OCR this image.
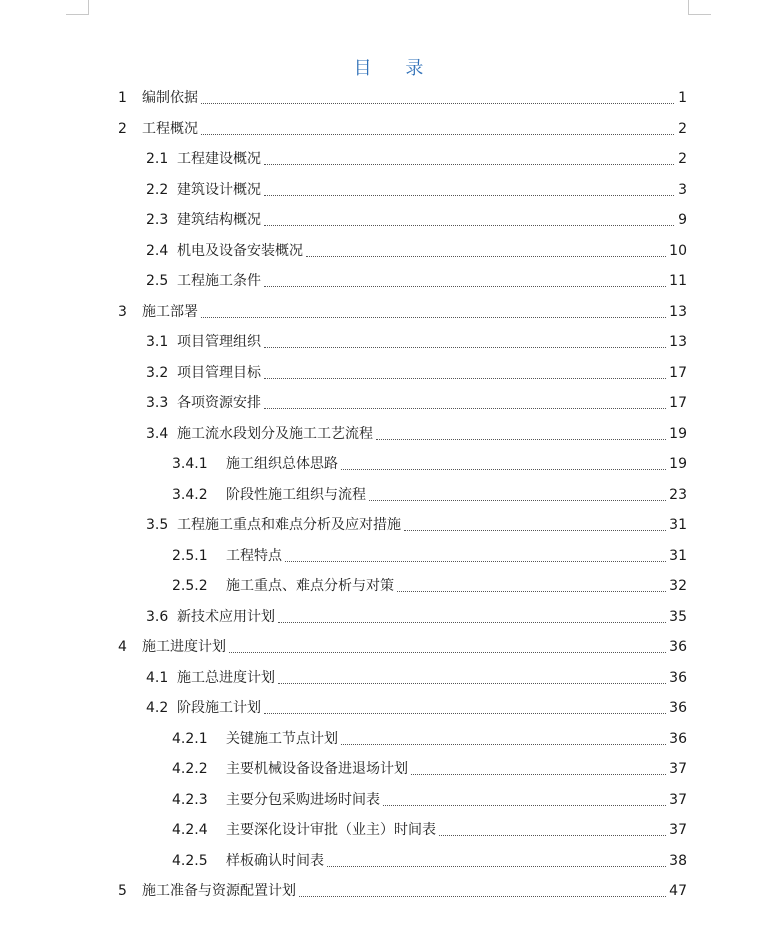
目 录
1	编制依据	1
2	工程概况	2
2.1 工程建设概况	2
2.2 建筑设计概况	3
2.3 建筑结构概况	9
2.4 机电及设备安装概况	10
2.5 工程施工条件	11
3	施工部署	13
3.1 项目管理组织	13
3.2 项目管理目标	17
3.3 各项资源安排	17
3.4 施工流水段划分及施工工艺流程	19
3.4.1	施工组织总体思路	19
3.4.2	阶段性施工组织与流程	23
3.5 工程施工重点和难点分析及应对措施	31
2.5.1	工程特点	31
2.5.2	施工重点、难点分析与对策	32
3.6 新技术应用计划	35
4	施工进度计划	36
4.1 施工总进度计划	36
4.2 阶段施工计划	36
4.2.1	关键施工节点计划	36
4.2.2	主要机械设备设备进退场计划	37
4.2.3	主要分包采购进场时间表	37
4.2.4	主要深化设计审批（业主）时间表	37
4.2.5	样板确认时间表	38
5	施工准备与资源配置计划	47
